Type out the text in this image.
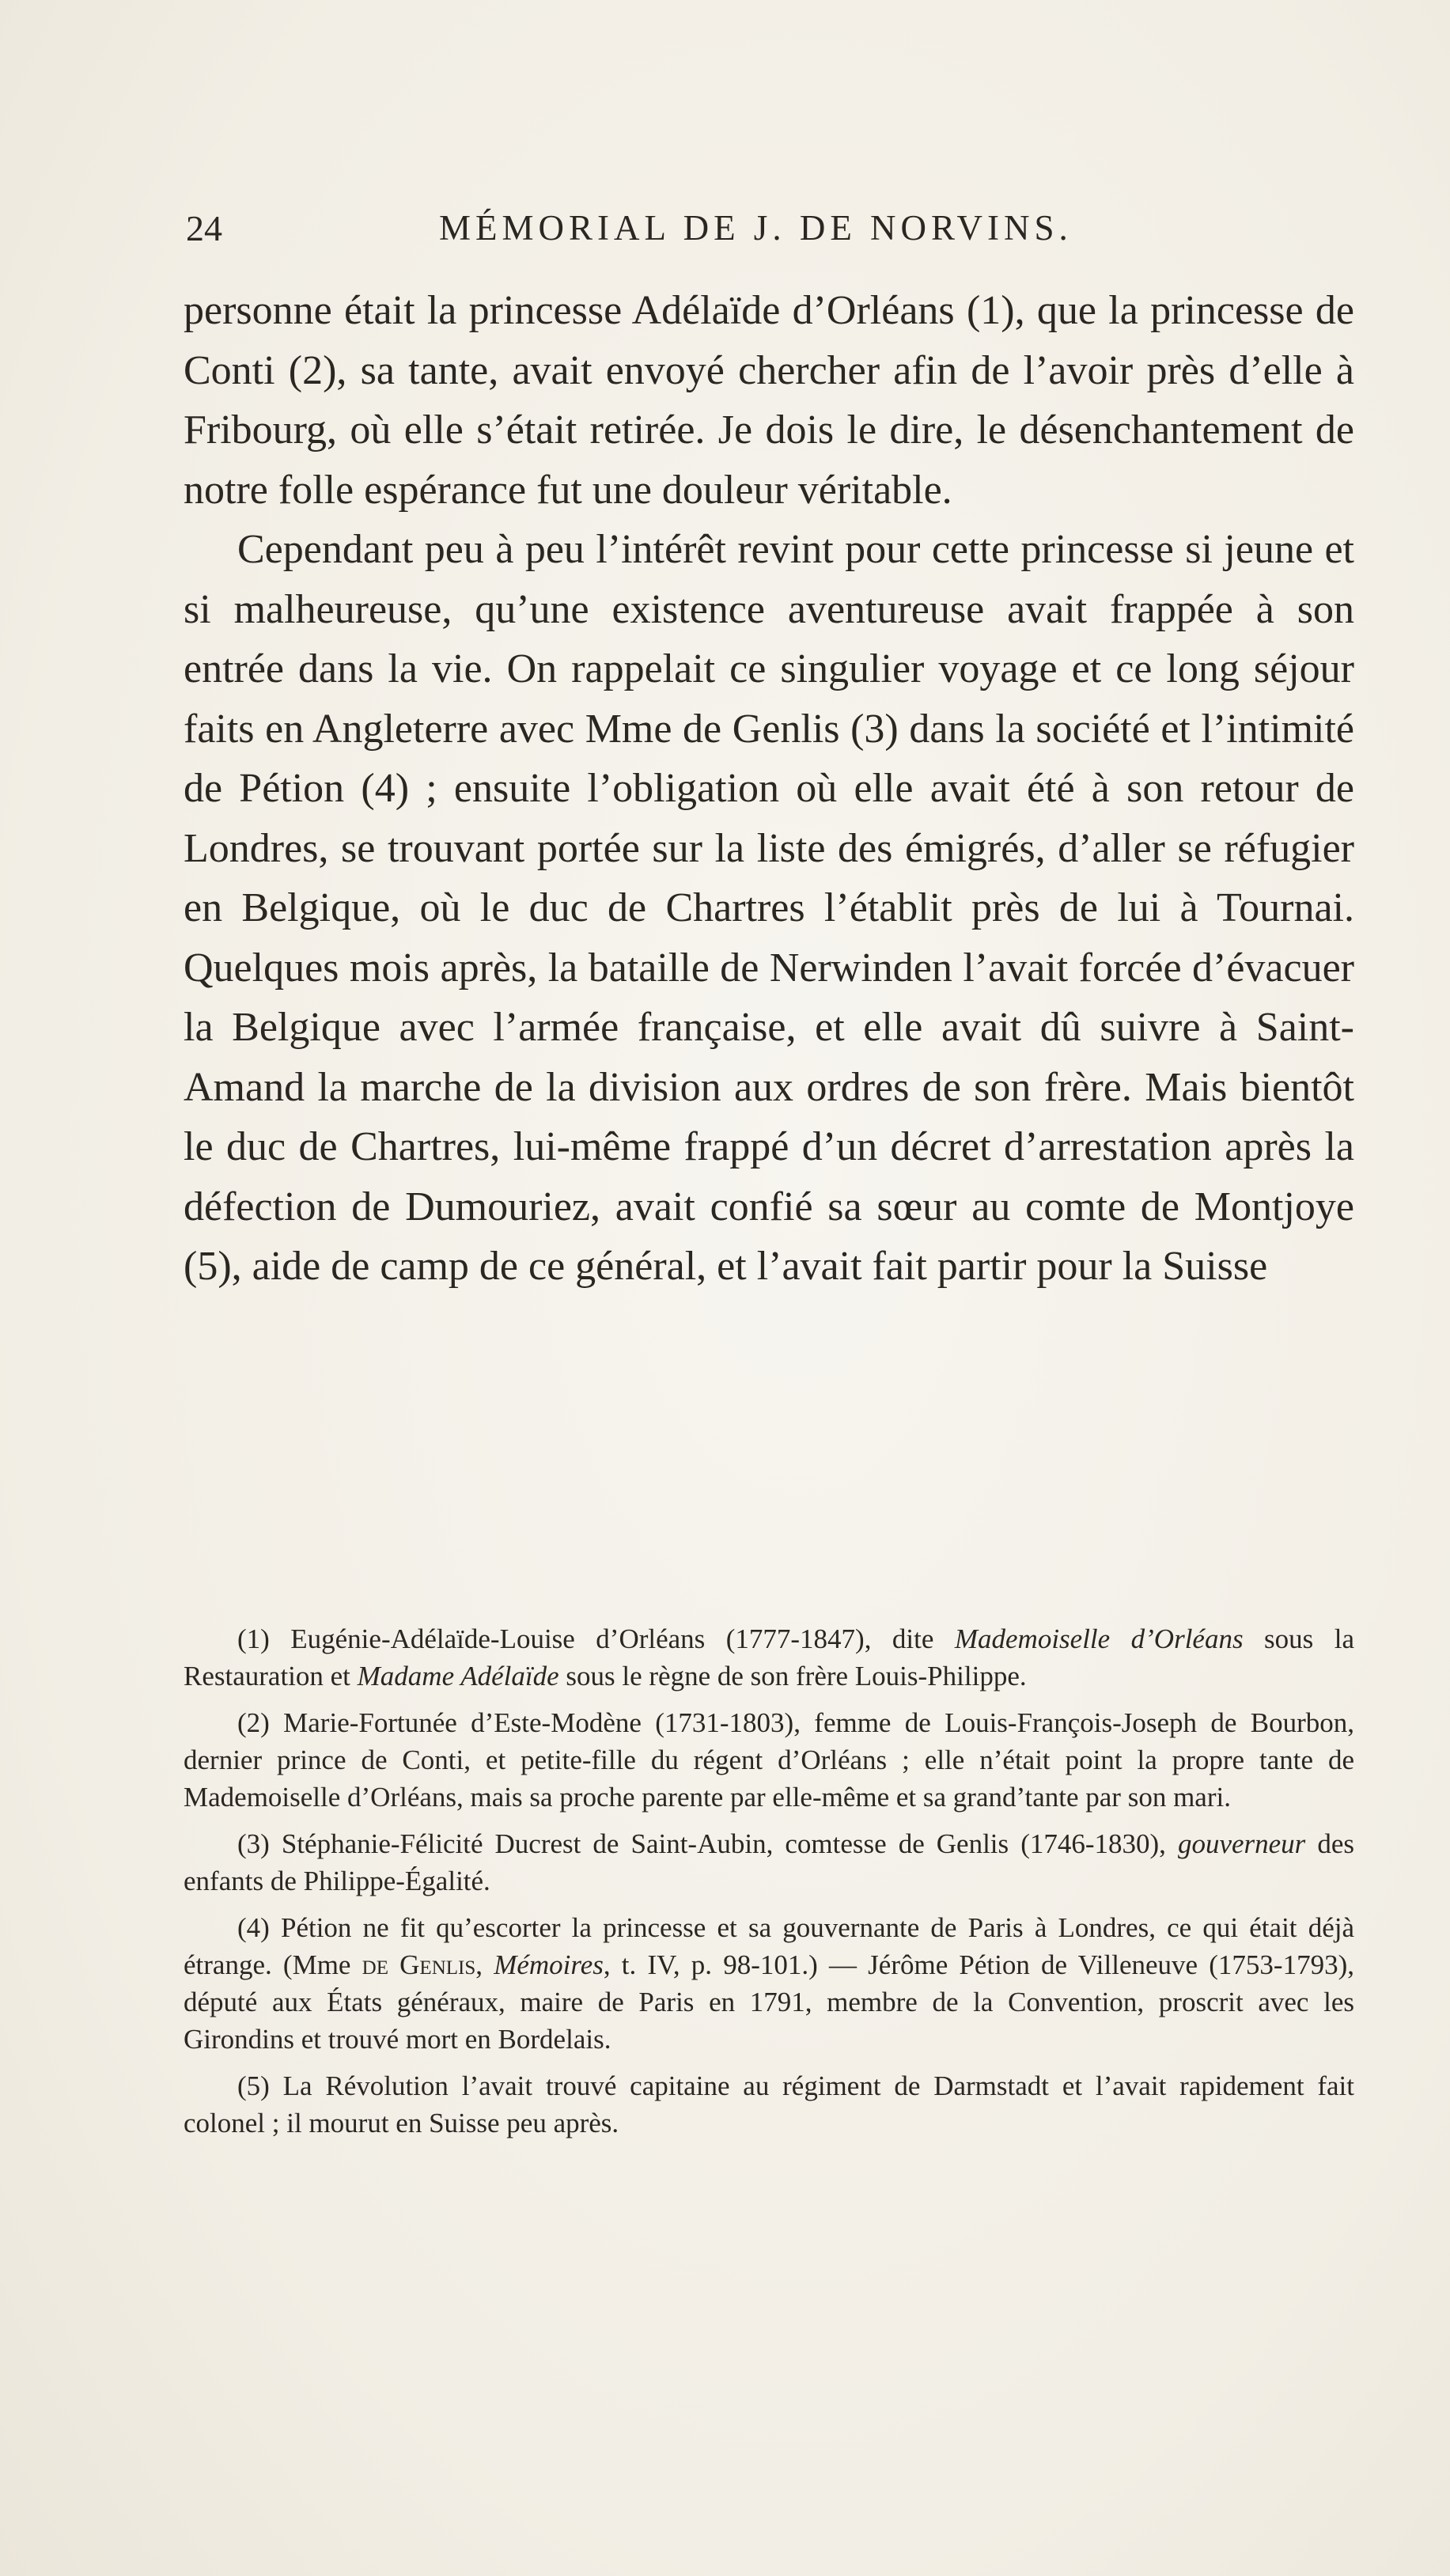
24	MÉMORIAL DE J. DE NORVINS.

personne était la princesse Adélaïde d’Orléans (1), que la princesse de Conti (2), sa tante, avait envoyé chercher afin de l’avoir près d’elle à Fribourg, où elle s’était retirée. Je dois le dire, le désenchantement de notre folle espérance fut une douleur véritable.

Cependant peu à peu l’intérêt revint pour cette princesse si jeune et si malheureuse, qu’une existence aventureuse avait frappée à son entrée dans la vie. On rappelait ce singulier voyage et ce long séjour faits en Angleterre avec Mme de Genlis (3) dans la société et l’intimité de Pétion (4) ; ensuite l’obligation où elle avait été à son retour de Londres, se trouvant portée sur la liste des émigrés, d’aller se réfugier en Belgique, où le duc de Chartres l’établit près de lui à Tournai. Quelques mois après, la bataille de Nerwinden l’avait forcée d’évacuer la Belgique avec l’armée française, et elle avait dû suivre à Saint-Amand la marche de la division aux ordres de son frère. Mais bientôt le duc de Chartres, lui-même frappé d’un décret d’arrestation après la défection de Dumouriez, avait confié sa sœur au comte de Montjoye (5), aide de camp de ce général, et l’avait fait partir pour la Suisse

(1) Eugénie-Adélaïde-Louise d’Orléans (1777-1847), dite Mademoiselle d’Orléans sous la Restauration et Madame Adélaïde sous le règne de son frère Louis-Philippe.

(2) Marie-Fortunée d’Este-Modène (1731-1803), femme de Louis-François-Joseph de Bourbon, dernier prince de Conti, et petite-fille du régent d’Orléans ; elle n’était point la propre tante de Mademoiselle d’Orléans, mais sa proche parente par elle-même et sa grand’tante par son mari.

(3) Stéphanie-Félicité Ducrest de Saint-Aubin, comtesse de Genlis (1746-1830), gouverneur des enfants de Philippe-Égalité.

(4) Pétion ne fit qu’escorter la princesse et sa gouvernante de Paris à Londres, ce qui était déjà étrange. (Mme de Genlis, Mémoires, t. IV, p. 98-101.) — Jérôme Pétion de Villeneuve (1753-1793), député aux États généraux, maire de Paris en 1791, membre de la Convention, proscrit avec les Girondins et trouvé mort en Bordelais.

(5) La Révolution l’avait trouvé capitaine au régiment de Darmstadt et l’avait rapidement fait colonel ; il mourut en Suisse peu après.
